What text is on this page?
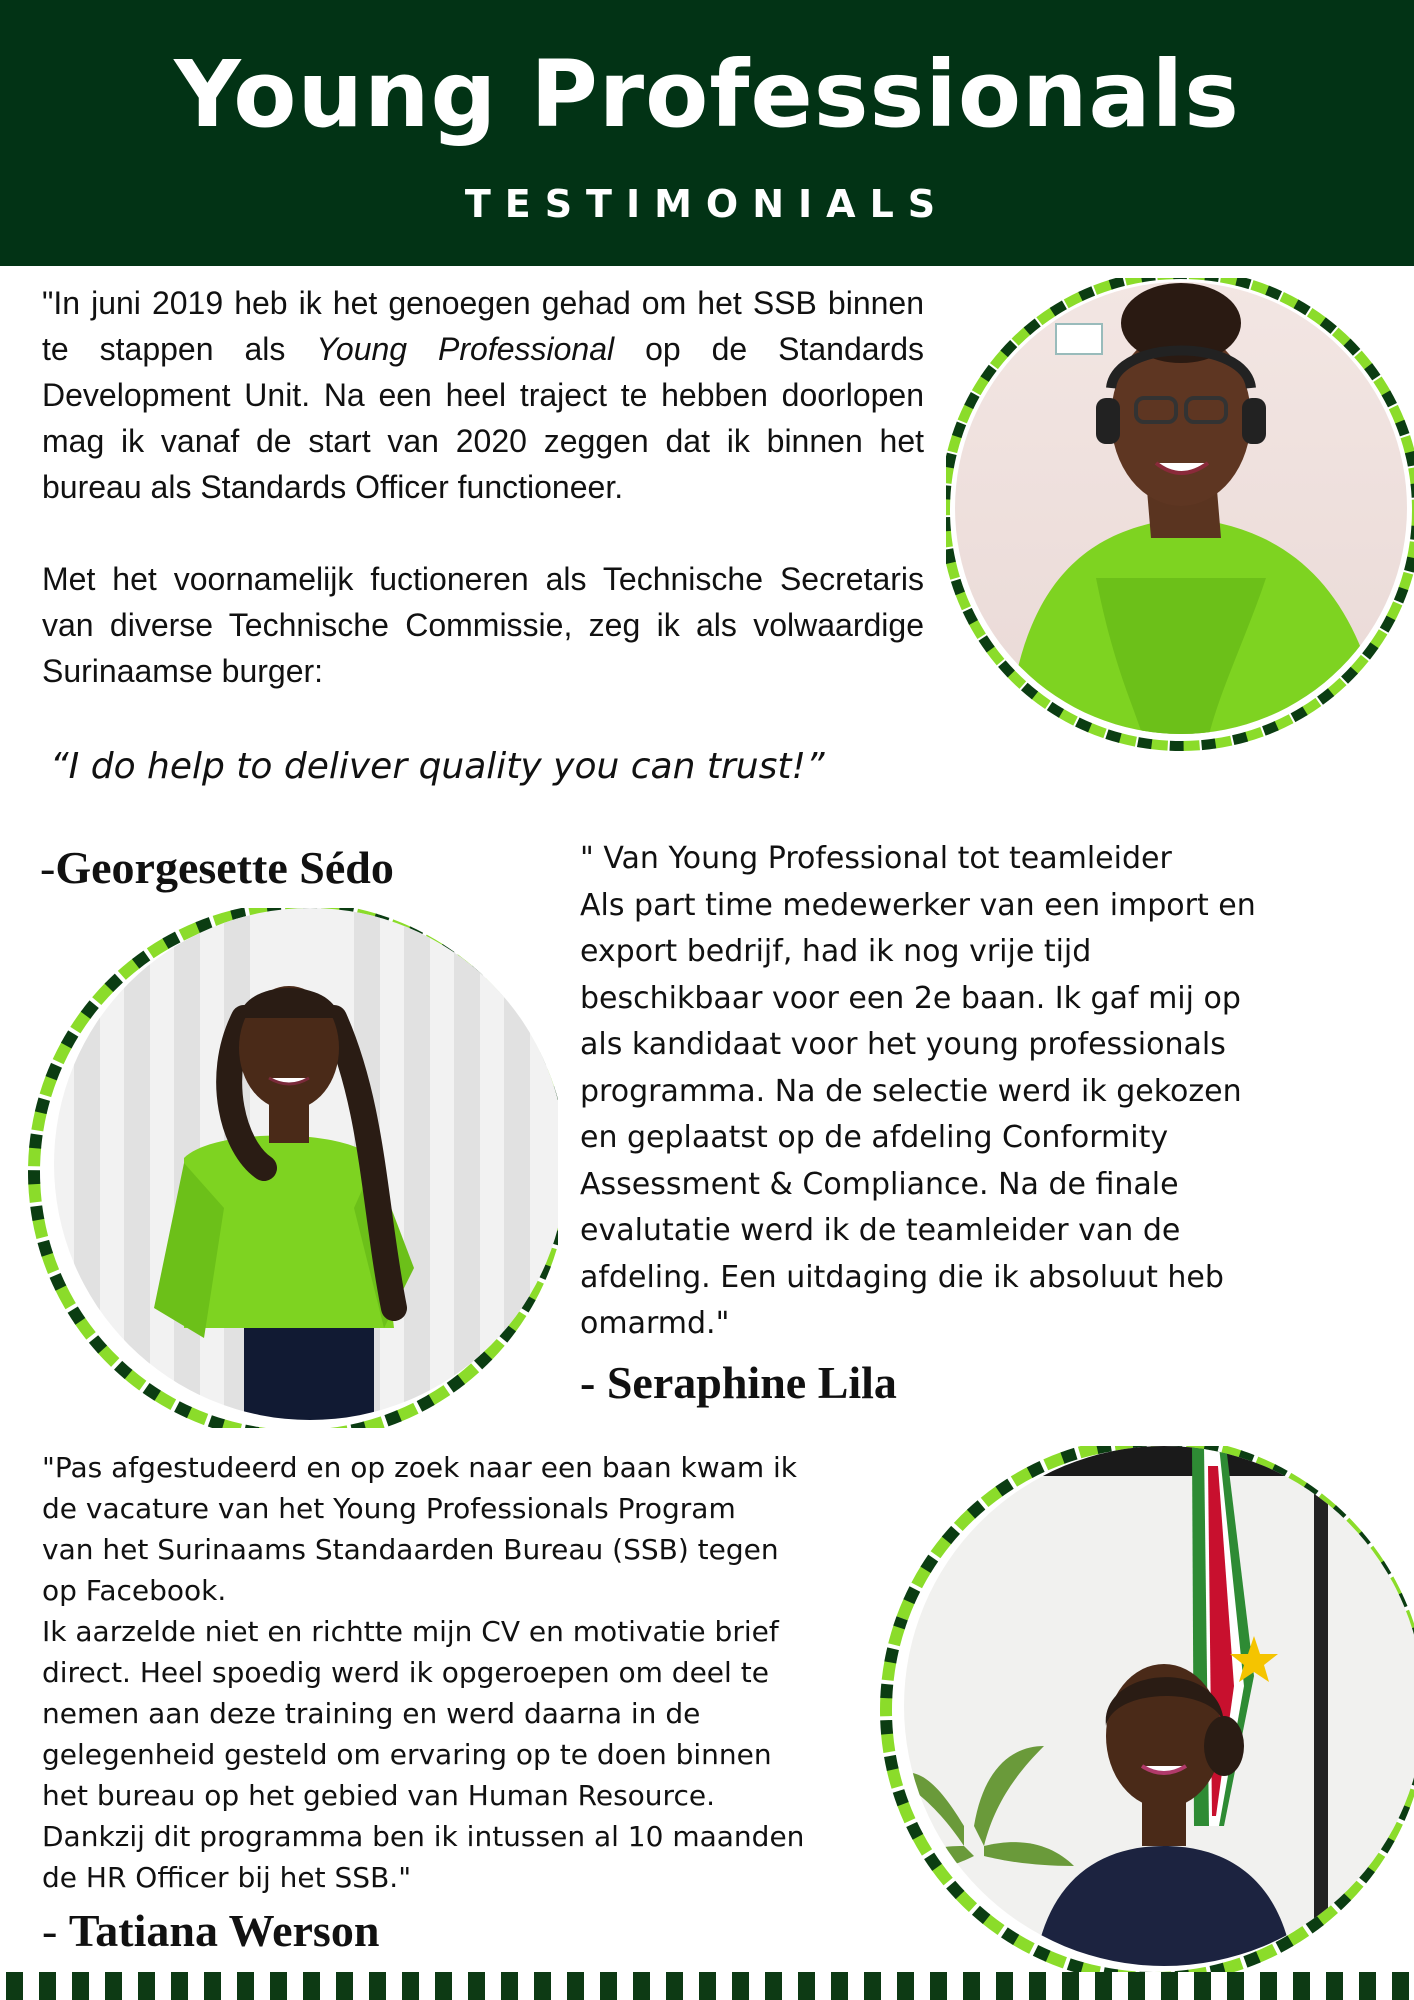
Young Professionals
TESTIMONIALS

"In juni 2019 heb ik het genoegen gehad om het SSB binnen te stappen als Young Professional op de Standards Development Unit. Na een heel traject te hebben doorlopen mag ik vanaf de start van 2020 zeggen dat ik binnen het bureau als Standards Officer functioneer.

Met het voornamelijk fuctioneren als Technische Secretaris van diverse Technische Commissie, zeg ik als volwaardige Surinaamse burger:

“I do help to deliver quality you can trust!”
-Georgesette Sédo	" Van Young Professional tot teamleider
Als part time medewerker van een import en
export bedrijf, had ik nog vrije tijd
beschikbaar voor een 2e baan. Ik gaf mij op
als kandidaat voor het young professionals
programma. Na de selectie werd ik gekozen
en geplaatst op de afdeling Conformity
Assessment & Compliance. Na de finale
evalutatie werd ik de teamleider van de
afdeling. Een uitdaging die ik absoluut heb
omarmd."
- Seraphine Lila
"Pas afgestudeerd en op zoek naar een baan kwam ik
de vacature van het Young Professionals Program
van het Surinaams Standaarden Bureau (SSB) tegen
op Facebook.
Ik aarzelde niet en richtte mijn CV en motivatie brief
direct. Heel spoedig werd ik opgeroepen om deel te
nemen aan deze training en werd daarna in de
gelegenheid gesteld om ervaring op te doen binnen
het bureau op het gebied van Human Resource.
Dankzij dit programma ben ik intussen al 10 maanden
de HR Officer bij het SSB."
- Tatiana Werson
